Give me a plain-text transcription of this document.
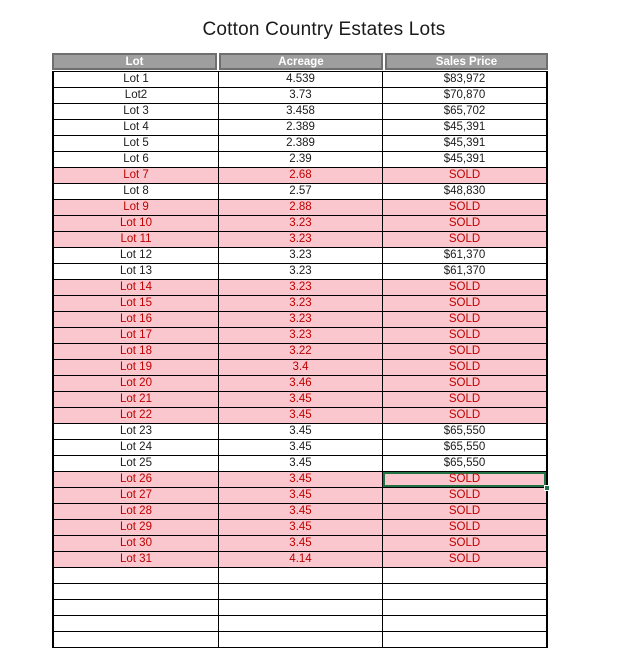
Cotton Country Estates Lots
Lot	Acreage	Sales Price
Lot 1	4.539	$83,972
Lot2	3.73	$70,870
Lot 3	3.458	$65,702
Lot 4	2.389	$45,391
Lot 5	2.389	$45,391
Lot 6	2.39	$45,391
Lot 7	2.68	SOLD
Lot 8	2.57	$48,830
Lot 9	2.88	SOLD
Lot 10	3.23	SOLD
Lot 11	3.23	SOLD
Lot 12	3.23	$61,370
Lot 13	3.23	$61,370
Lot 14	3.23	SOLD
Lot 15	3.23	SOLD
Lot 16	3.23	SOLD
Lot 17	3.23	SOLD
Lot 18	3.22	SOLD
Lot 19	3.4	SOLD
Lot 20	3.46	SOLD
Lot 21	3.45	SOLD
Lot 22	3.45	SOLD
Lot 23	3.45	$65,550
Lot 24	3.45	$65,550
Lot 25	3.45	$65,550
Lot 26	3.45	SOLD
Lot 27	3.45	SOLD
Lot 28	3.45	SOLD
Lot 29	3.45	SOLD
Lot 30	3.45	SOLD
Lot 31	4.14	SOLD
